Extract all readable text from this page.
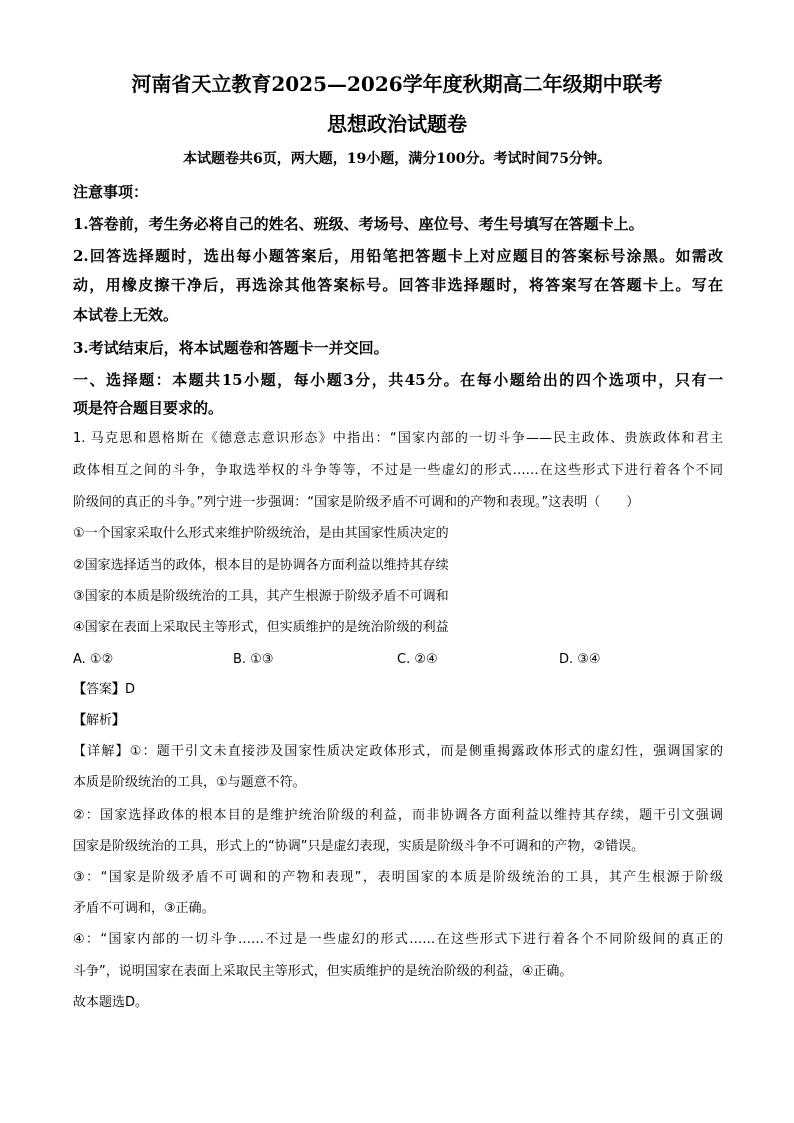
河南省天立教育2025—2026学年度秋期高二年级期中联考
思想政治试题卷
本试题卷共6页，两大题，19小题，满分100分。考试时间75分钟。
注意事项：
1.答卷前，考生务必将自己的姓名、班级、考场号、座位号、考生号填写在答题卡上。
2.回答选择题时，选出每小题答案后，用铅笔把答题卡上对应题目的答案标号涂黑。如需改
动，用橡皮擦干净后，再选涂其他答案标号。回答非选择题时，将答案写在答题卡上。写在
本试卷上无效。
3.考试结束后，将本试题卷和答题卡一并交回。
一、选择题：本题共15小题，每小题3分，共45分。在每小题给出的四个选项中，只有一
项是符合题目要求的。
1. 马克思和恩格斯在《德意志意识形态》中指出：“国家内部的一切斗争——民主政体、贵族政体和君主
政体相互之间的斗争，争取选举权的斗争等等，不过是一些虚幻的形式……在这些形式下进行着各个不同
阶级间的真正的斗争。”列宁进一步强调：“国家是阶级矛盾不可调和的产物和表现。”这表明（　　）
①一个国家采取什么形式来维护阶级统治，是由其国家性质决定的
②国家选择适当的政体，根本目的是协调各方面利益以维持其存续
③国家的本质是阶级统治的工具，其产生根源于阶级矛盾不可调和
④国家在表面上采取民主等形式，但实质维护的是统治阶级的利益
A. ①②	B. ①③	C. ②④	D. ③④
【答案】D
【解析】
【详解】①：题干引文未直接涉及国家性质决定政体形式，而是侧重揭露政体形式的虚幻性，强调国家的
本质是阶级统治的工具，①与题意不符。
②：国家选择政体的根本目的是维护统治阶级的利益，而非协调各方面利益以维持其存续，题干引文强调
国家是阶级统治的工具，形式上的“协调”只是虚幻表现，实质是阶级斗争不可调和的产物，②错误。
③：“国家是阶级矛盾不可调和的产物和表现”，表明国家的本质是阶级统治的工具，其产生根源于阶级
矛盾不可调和，③正确。
④：“国家内部的一切斗争……不过是一些虚幻的形式……在这些形式下进行着各个不同阶级间的真正的
斗争”，说明国家在表面上采取民主等形式，但实质维护的是统治阶级的利益，④正确。
故本题选D。
